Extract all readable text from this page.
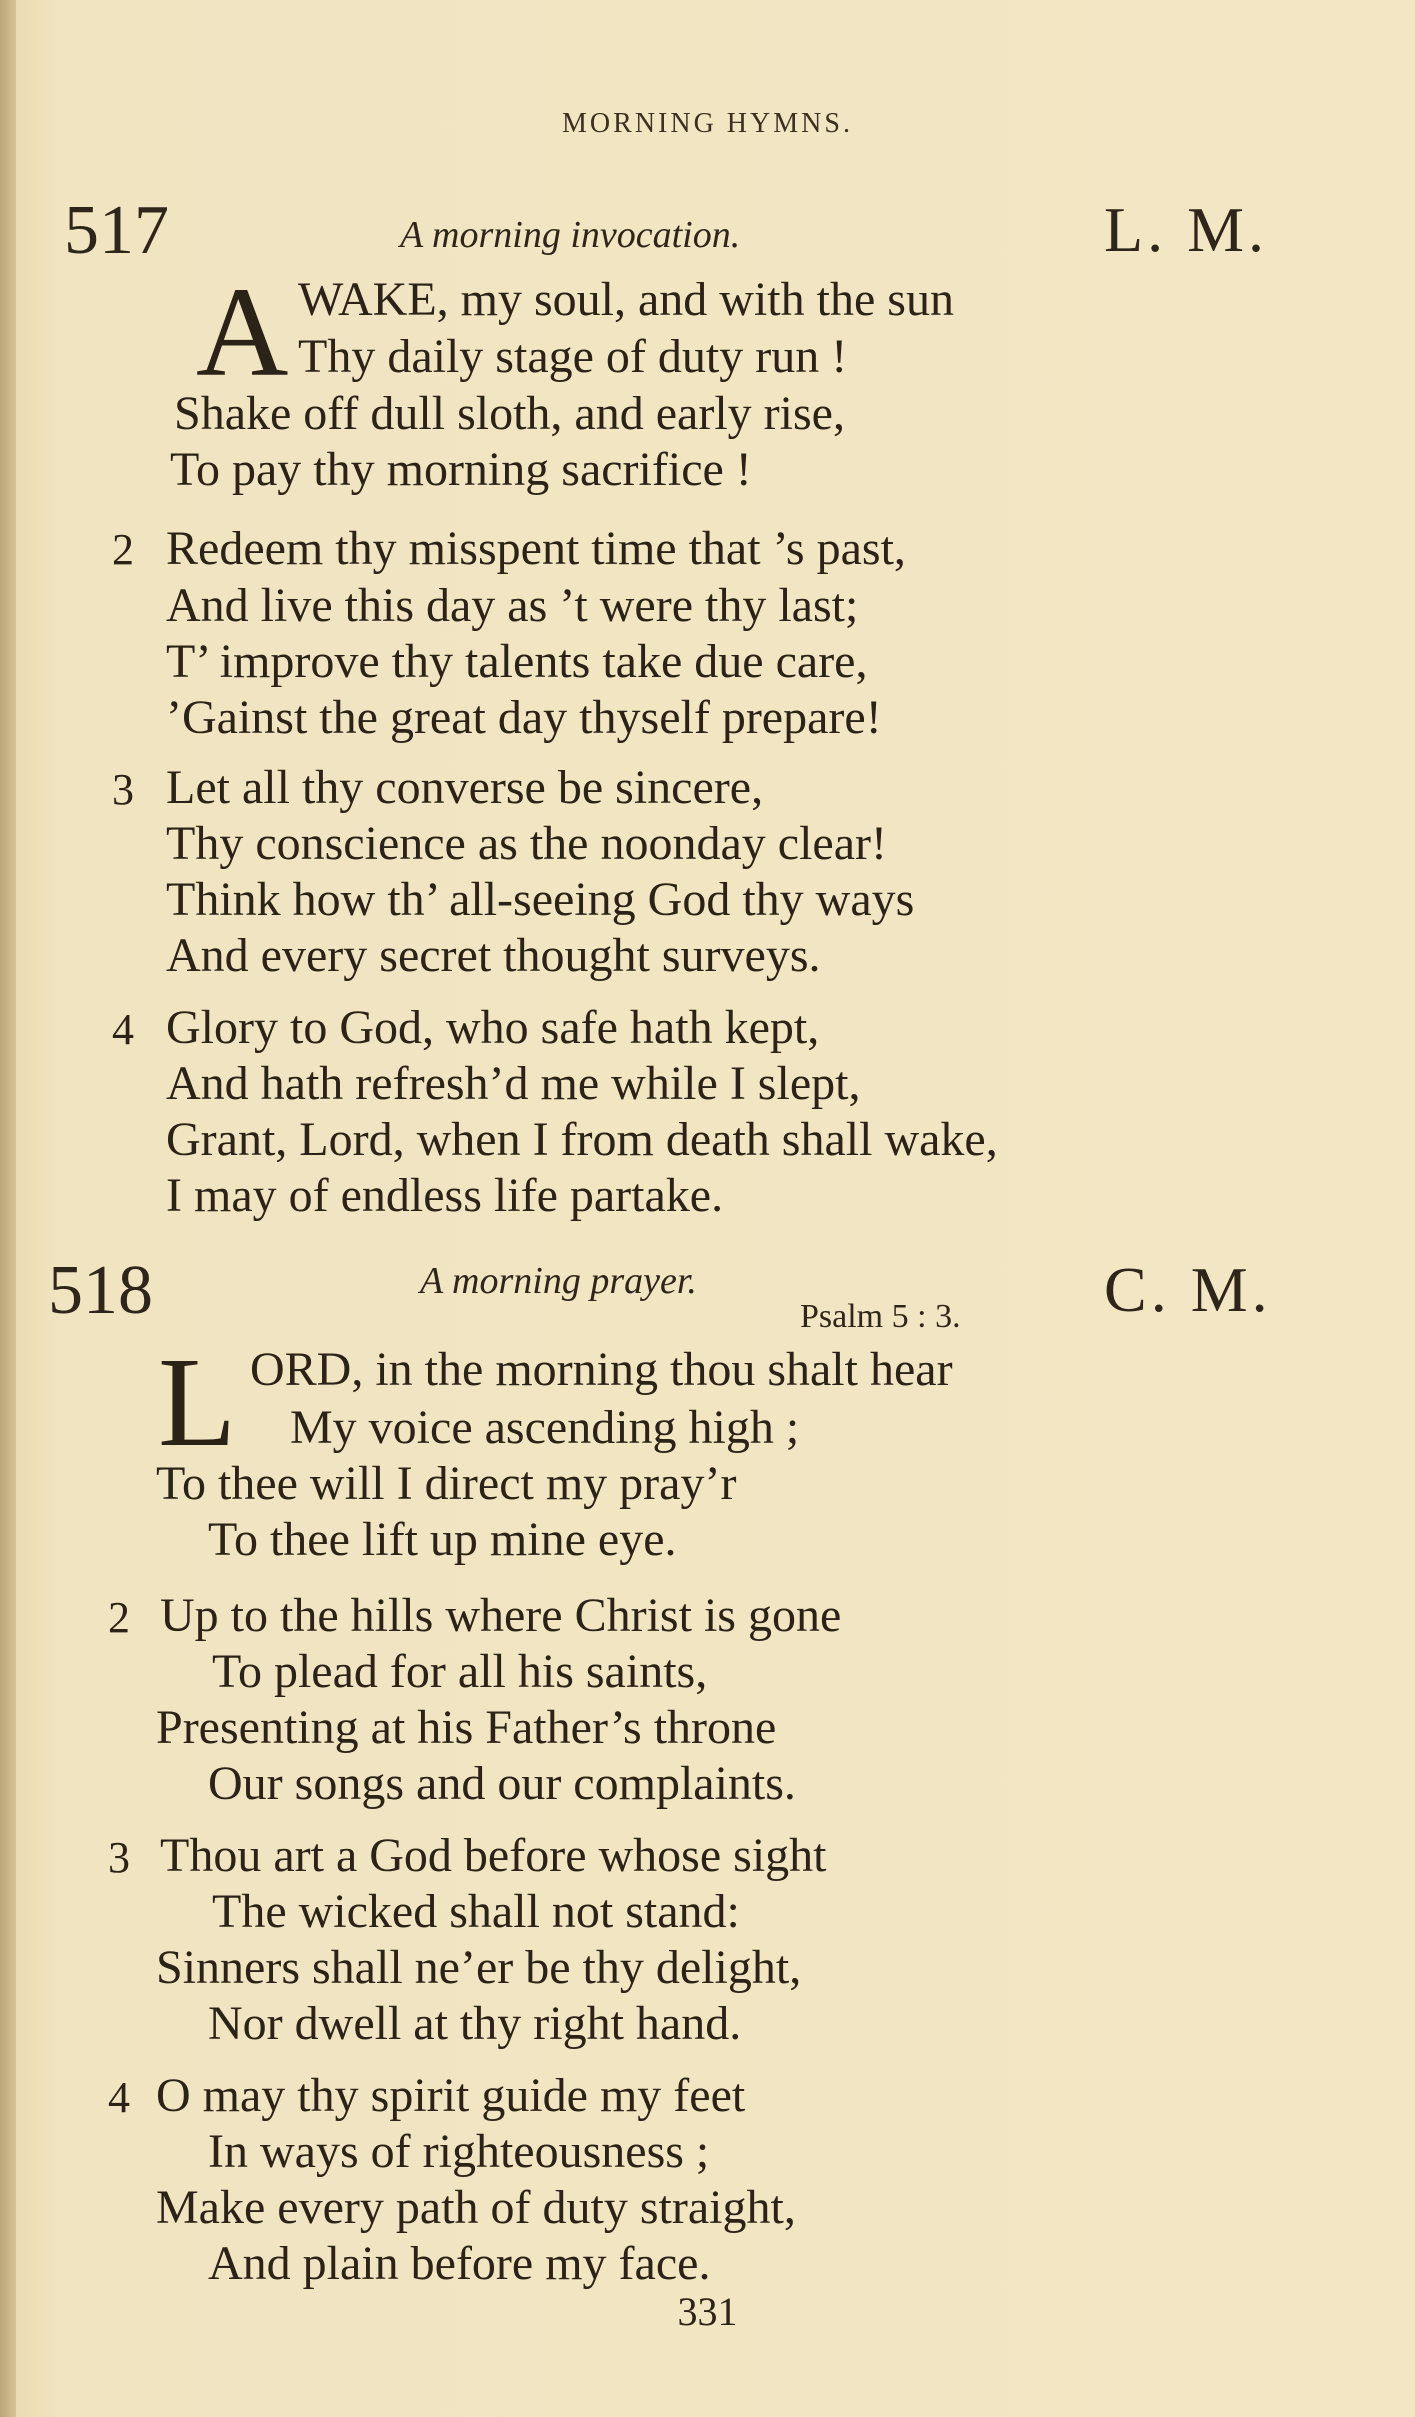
MORNING HYMNS.
517	A morning invocation.	L. M.
A WAKE, my soul, and with the sun
Thy daily stage of duty run !
Shake off dull sloth, and early rise,
To pay thy morning sacrifice !
2 Redeem thy misspent time that ’s past,
And live this day as ’t were thy last;
T’ improve thy talents take due care,
’Gainst the great day thyself prepare!
3 Let all thy converse be sincere,
Thy conscience as the noonday clear!
Think how th’ all-seeing God thy ways
And every secret thought surveys.
4 Glory to God, who safe hath kept,
And hath refresh’d me while I slept,
Grant, Lord, when I from death shall wake,
I may of endless life partake.
518	A morning prayer.
Psalm 5 : 3. C. M.
L ORD, in the morning thou shalt hear
My voice ascending high ;
To thee will I direct my pray’r
To thee lift up mine eye.
2 Up to the hills where Christ is gone
To plead for all his saints,
Presenting at his Father’s throne
Our songs and our complaints.
3 Thou art a God before whose sight
The wicked shall not stand:
Sinners shall ne’er be thy delight,
Nor dwell at thy right hand.
4 O may thy spirit guide my feet
In ways of righteousness ;
Make every path of duty straight,
And plain before my face.
331
